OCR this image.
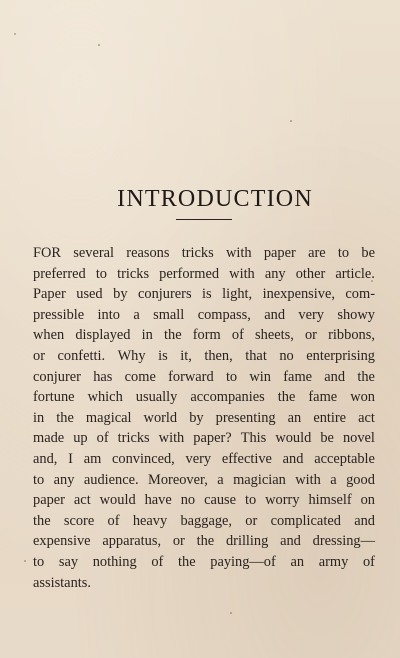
INTRODUCTION
FOR several reasons tricks with paper are to be
preferred to tricks performed with any other article.
Paper used by conjurers is light, inexpensive, com-
pressible into a small compass, and very showy
when displayed in the form of sheets, or ribbons,
or confetti. Why is it, then, that no enterprising
conjurer has come forward to win fame and the
fortune which usually accompanies the fame won
in the magical world by presenting an entire act
made up of tricks with paper? This would be novel
and, I am convinced, very effective and acceptable
to any audience. Moreover, a magician with a good
paper act would have no cause to worry himself on
the score of heavy baggage, or complicated and
expensive apparatus, or the drilling and dressing—
to say nothing of the paying—of an army of
assistants.
